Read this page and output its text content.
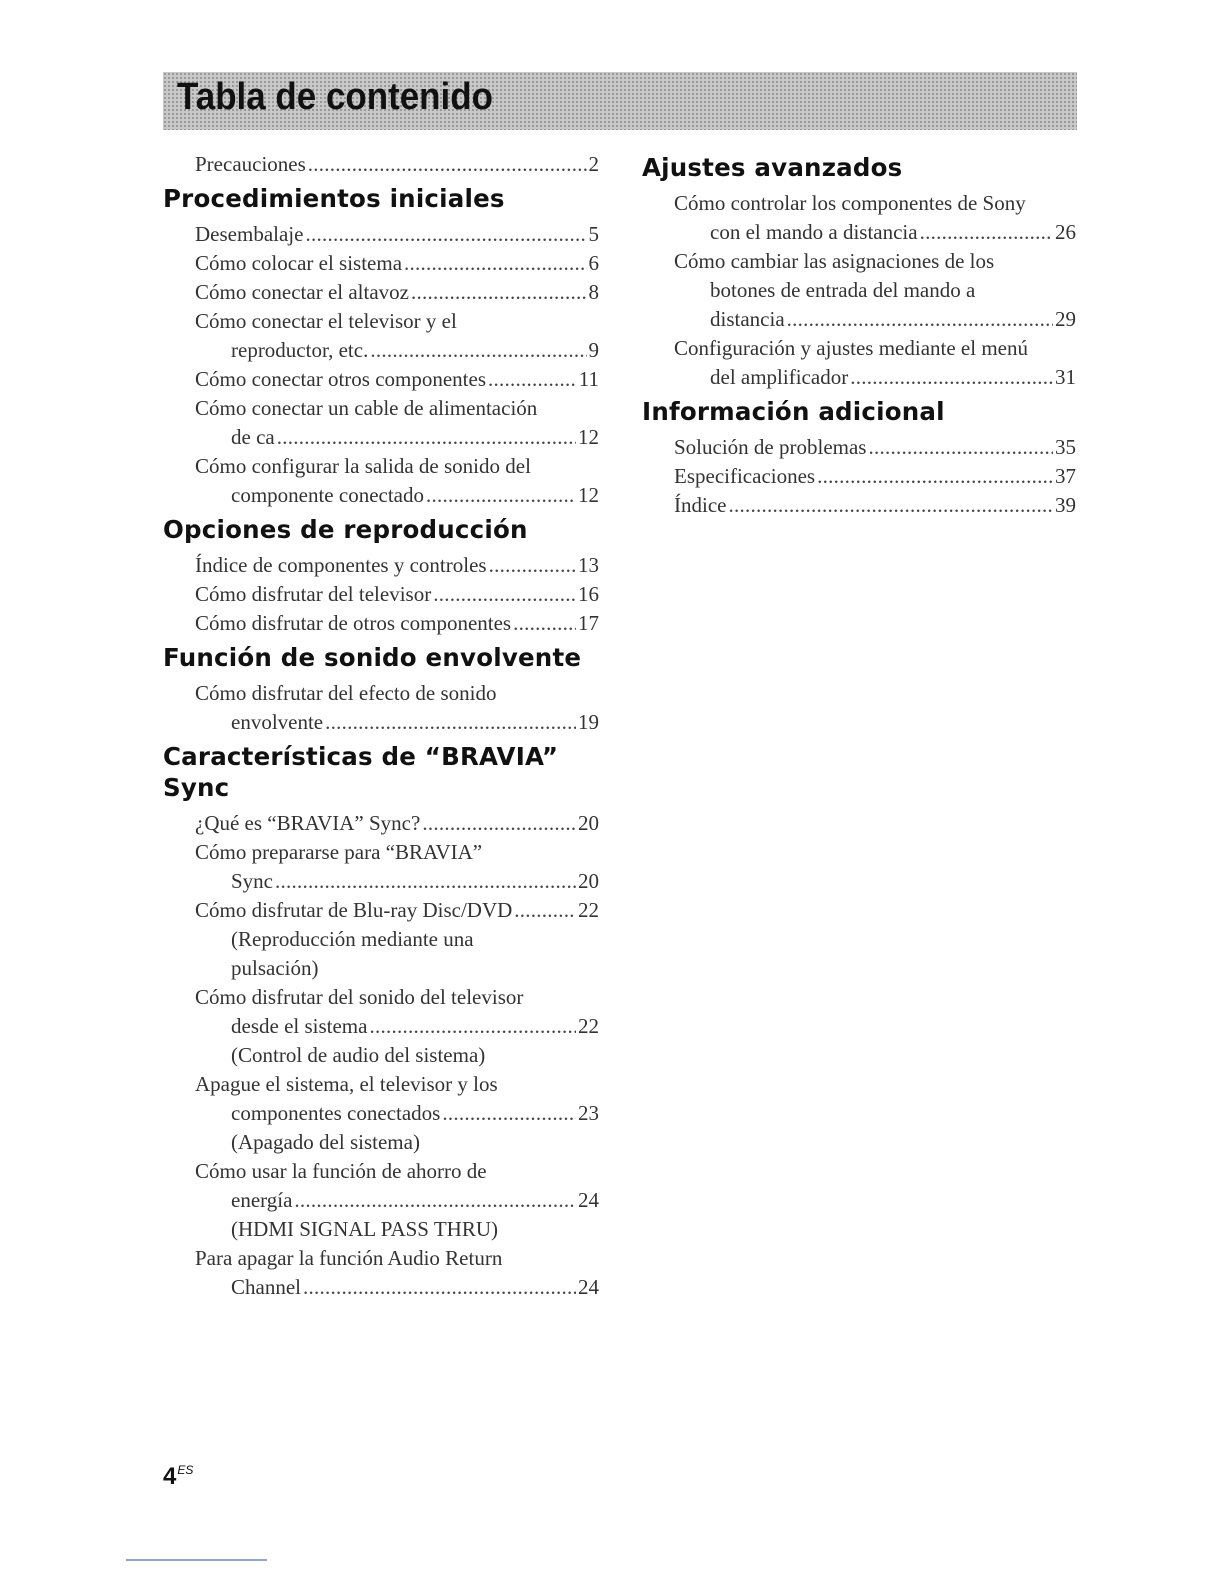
Tabla de contenido
Precauciones . . .	2
Procedimientos iniciales
Desembalaje . . .	5
Cómo colocar el sistema . . .	6
Cómo conectar el altavoz . . .	8
Cómo conectar el televisor y el
reproductor, etc. . . .	9
Cómo conectar otros componentes . . .	11
Cómo conectar un cable de alimentación
de ca . . .	12
Cómo configurar la salida de sonido del
componente conectado . . .	12
Opciones de reproducción
Índice de componentes y controles . . .	13
Cómo disfrutar del televisor . . .	16
Cómo disfrutar de otros componentes . . .	17
Función de sonido envolvente
Cómo disfrutar del efecto de sonido
envolvente . . .	19
Características de “BRAVIA”
Sync
¿Qué es “BRAVIA” Sync? . . .	20
Cómo prepararse para “BRAVIA”
Sync . . .	20
Cómo disfrutar de Blu-ray Disc/DVD . . .	22
(Reproducción mediante una
pulsación)
Cómo disfrutar del sonido del televisor
desde el sistema . . .	22
(Control de audio del sistema)
Apague el sistema, el televisor y los
componentes conectados . . .	23
(Apagado del sistema)
Cómo usar la función de ahorro de
energía . . .	24
(HDMI SIGNAL PASS THRU)
Para apagar la función Audio Return
Channel . . .	24
Ajustes avanzados
Cómo controlar los componentes de Sony
con el mando a distancia . . .	26
Cómo cambiar las asignaciones de los
botones de entrada del mando a
distancia . . .	29
Configuración y ajustes mediante el menú
del amplificador . . .	31
Información adicional
Solución de problemas . . .	35
Especificaciones . . .	37
Índice . . .	39
$4^{ES}$
